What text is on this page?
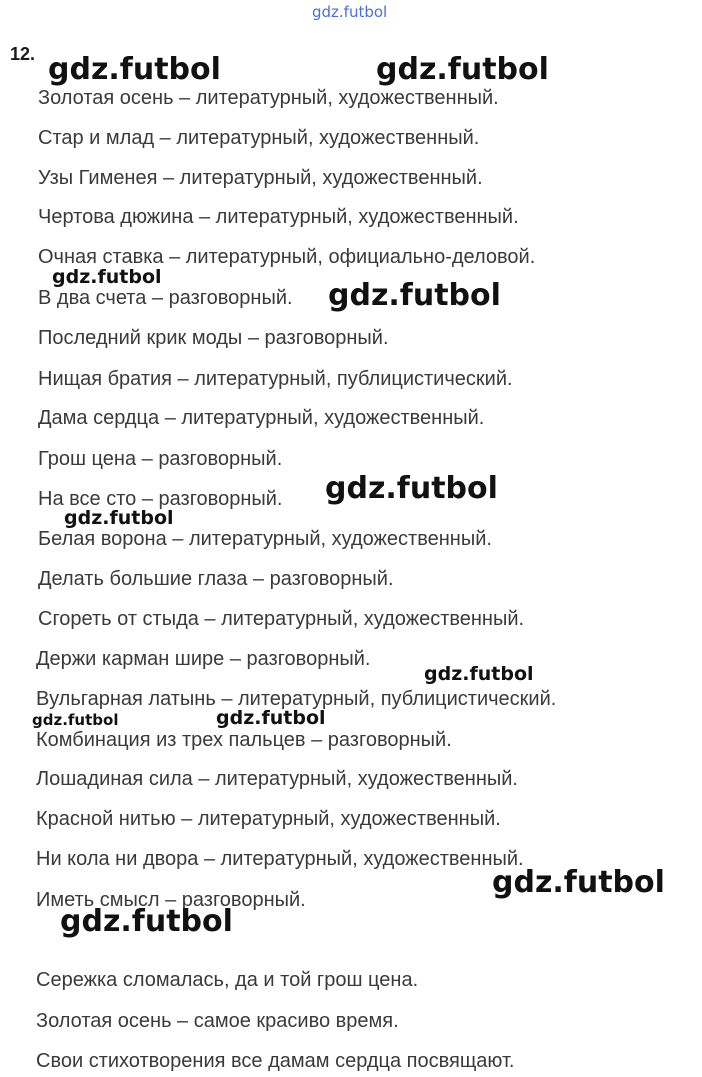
gdz.futbol
12.
Золотая осень – литературный, художественный.
Стар и млад – литературный, художественный.
Узы Гименея – литературный, художественный.
Чертова дюжина – литературный, художественный.
Очная ставка – литературный, официально-деловой.
В два счета – разговорный.
Последний крик моды – разговорный.
Нищая братия – литературный, публицистический.
Дама сердца – литературный, художественный.
Грош цена – разговорный.
На все сто – разговорный.
Белая ворона – литературный, художественный.
Делать большие глаза – разговорный.
Сгореть от стыда – литературный, художественный.
Держи карман шире – разговорный.
Вульгарная латынь – литературный, публицистический.
Комбинация из трех пальцев – разговорный.
Лошадиная сила – литературный, художественный.
Красной нитью – литературный, художественный.
Ни кола ни двора – литературный, художественный.
Иметь смысл – разговорный.
Сережка сломалась, да и той грош цена.
Золотая осень – самое красиво время.
Свои стихотворения все дамам сердца посвящают.
gdz.futbol	gdz.futbol
gdz.futbol
gdz.futbol
gdz.futbol
gdz.futbol
gdz.futbol
gdz.futbol	gdz.futbol
gdz.futbol
gdz.futbol
